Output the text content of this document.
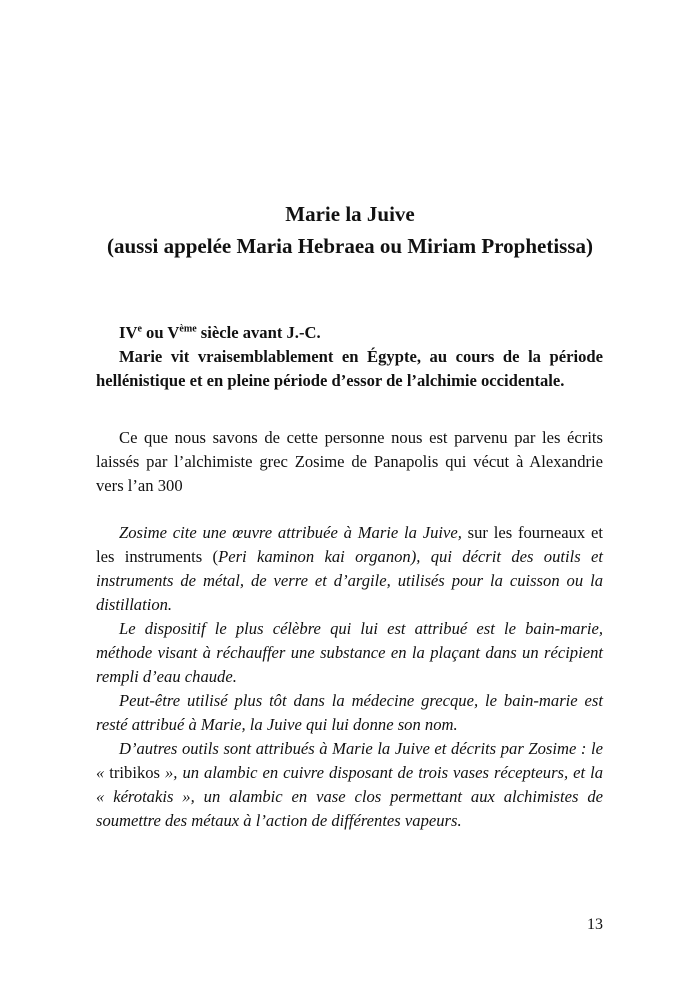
Marie la Juive
(aussi appelée Maria Hebraea ou Miriam Prophetissa)
IVe ou Vème siècle avant J.-C.
Marie vit vraisemblablement en Égypte, au cours de la période hellénistique et en pleine période d’essor de l’alchimie occidentale.
Ce que nous savons de cette personne nous est parvenu par les écrits laissés par l’alchimiste grec Zosime de Panapolis qui vécut à Alexandrie vers l’an 300
Zosime cite une œuvre attribuée à Marie la Juive, sur les fourneaux et les instruments (Peri kaminon kai organon), qui décrit des outils et instruments de métal, de verre et d’argile, utilisés pour la cuisson ou la distillation.
Le dispositif le plus célèbre qui lui est attribué est le bain-marie, méthode visant à réchauffer une substance en la plaçant dans un récipient rempli d’eau chaude.
Peut-être utilisé plus tôt dans la médecine grecque, le bain-marie est resté attribué à Marie, la Juive qui lui donne son nom.
D’autres outils sont attribués à Marie la Juive et décrits par Zosime : le « tribikos », un alambic en cuivre disposant de trois vases récepteurs, et la « kérotakis », un alambic en vase clos permettant aux alchimistes de soumettre des métaux à l’action de différentes vapeurs.
13
